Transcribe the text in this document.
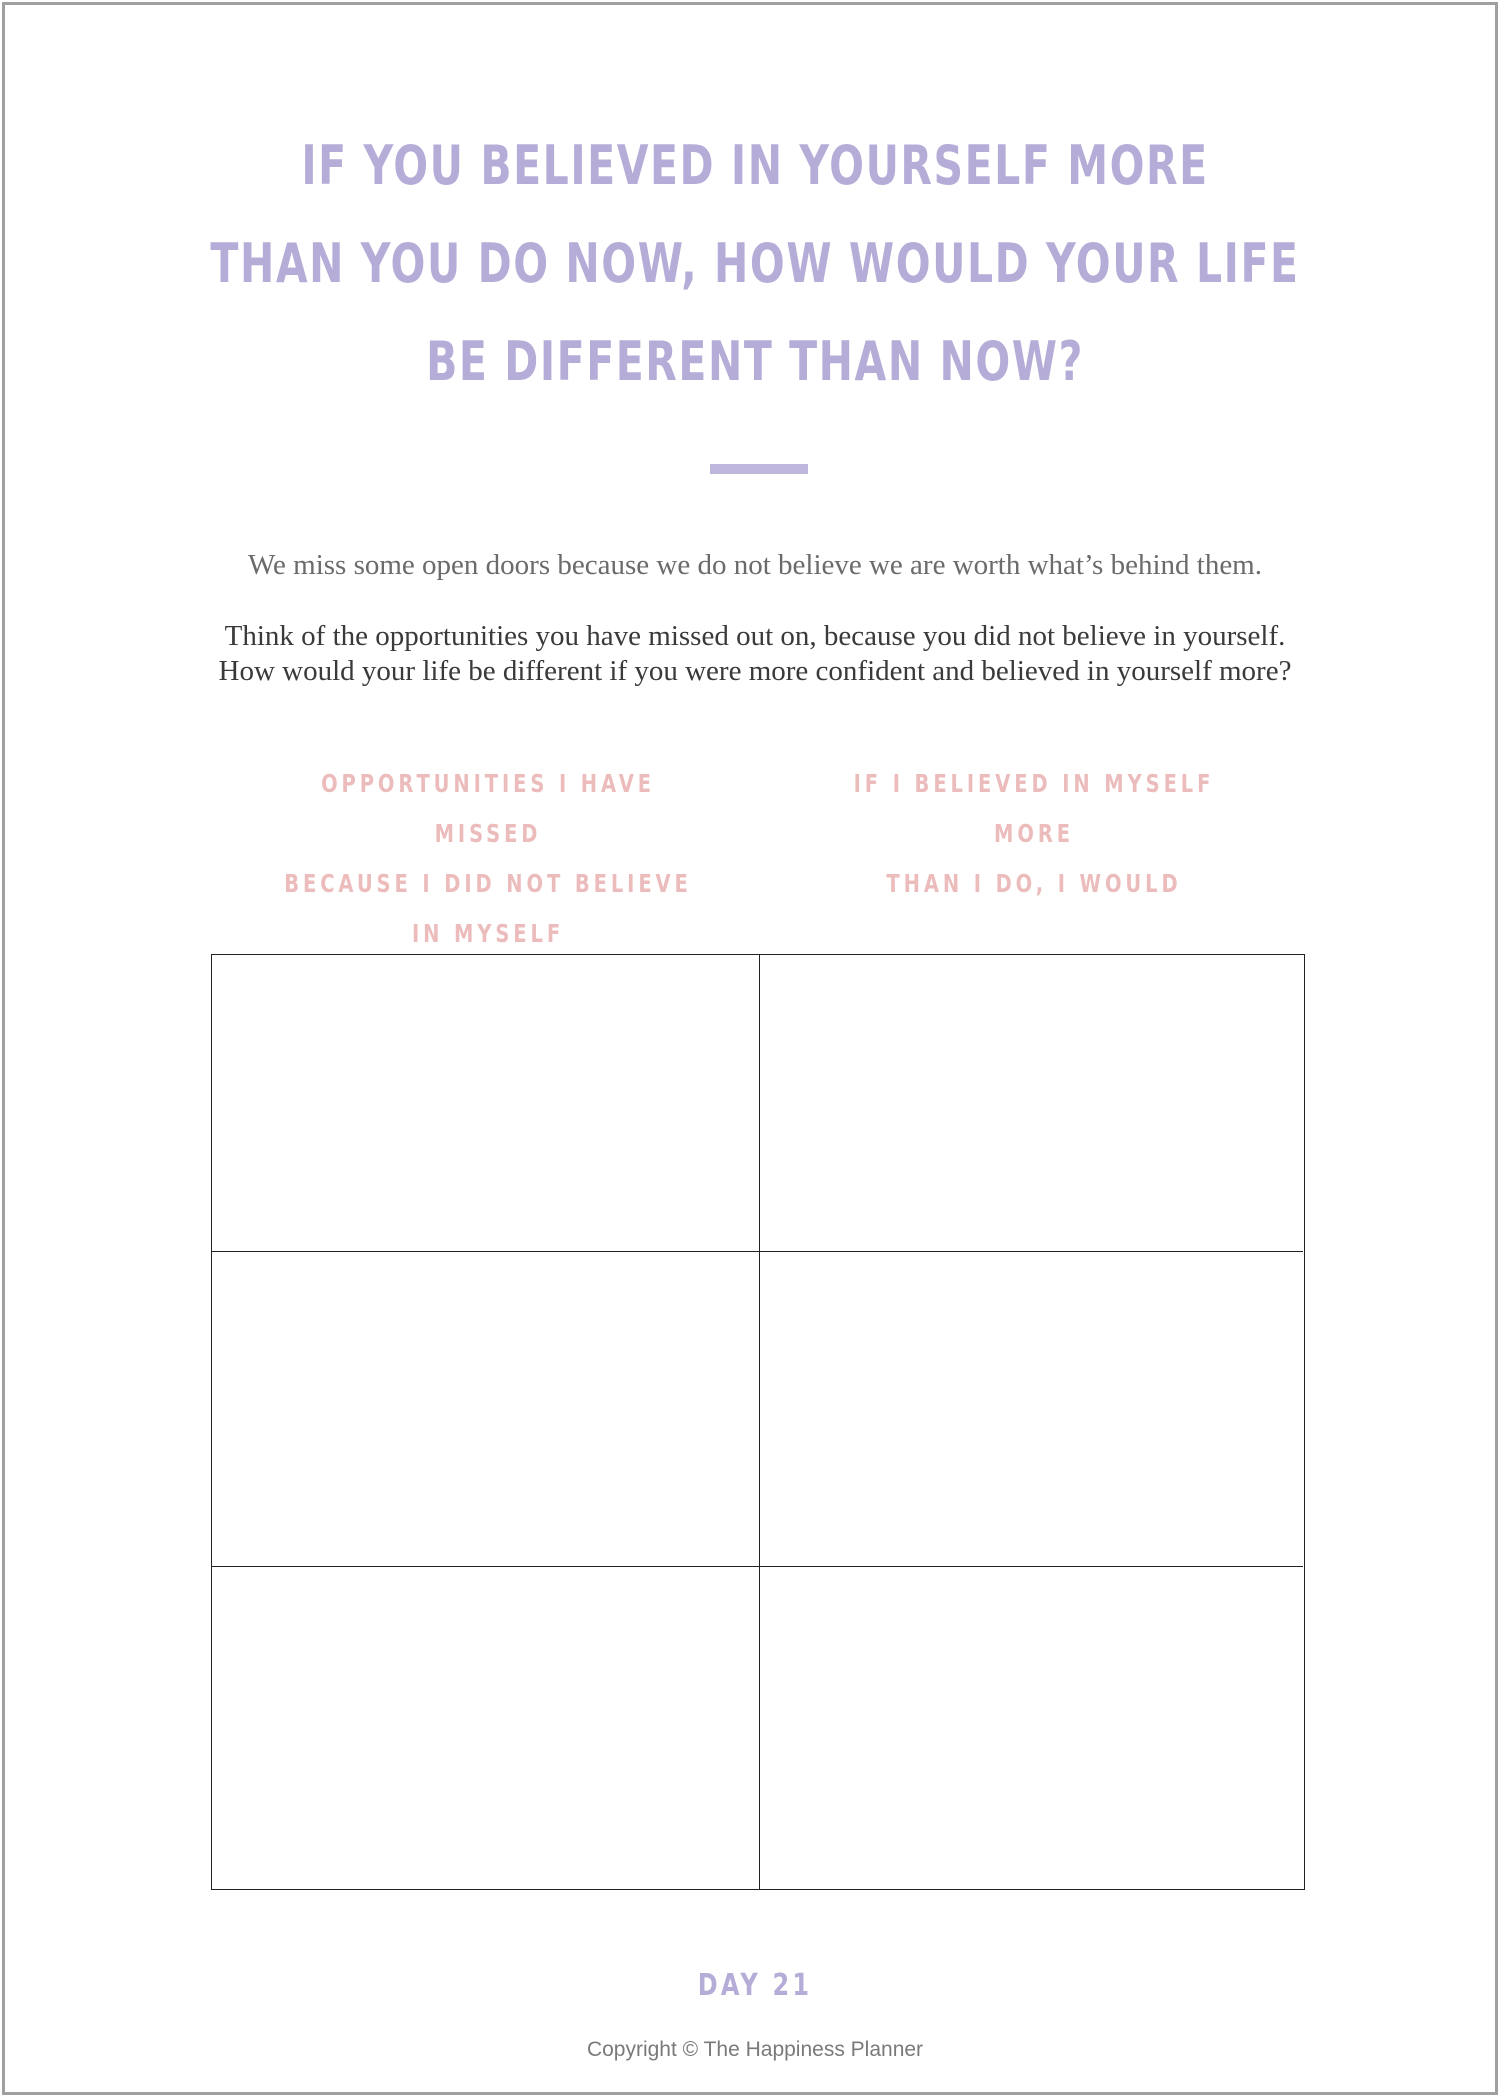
IF YOU BELIEVED IN YOURSELF MORE
THAN YOU DO NOW, HOW WOULD YOUR LIFE
BE DIFFERENT THAN NOW?

We miss some open doors because we do not believe we are worth what’s behind them.

Think of the opportunities you have missed out on, because you did not believe in yourself.
How would your life be different if you were more confident and believed in yourself more?

OPPORTUNITIES I HAVE MISSED
BECAUSE I DID NOT BELIEVE IN MYSELF
IF I BELIEVED IN MYSELF MORE
THAN I DO, I WOULD

DAY 21

Copyright © The Happiness Planner
